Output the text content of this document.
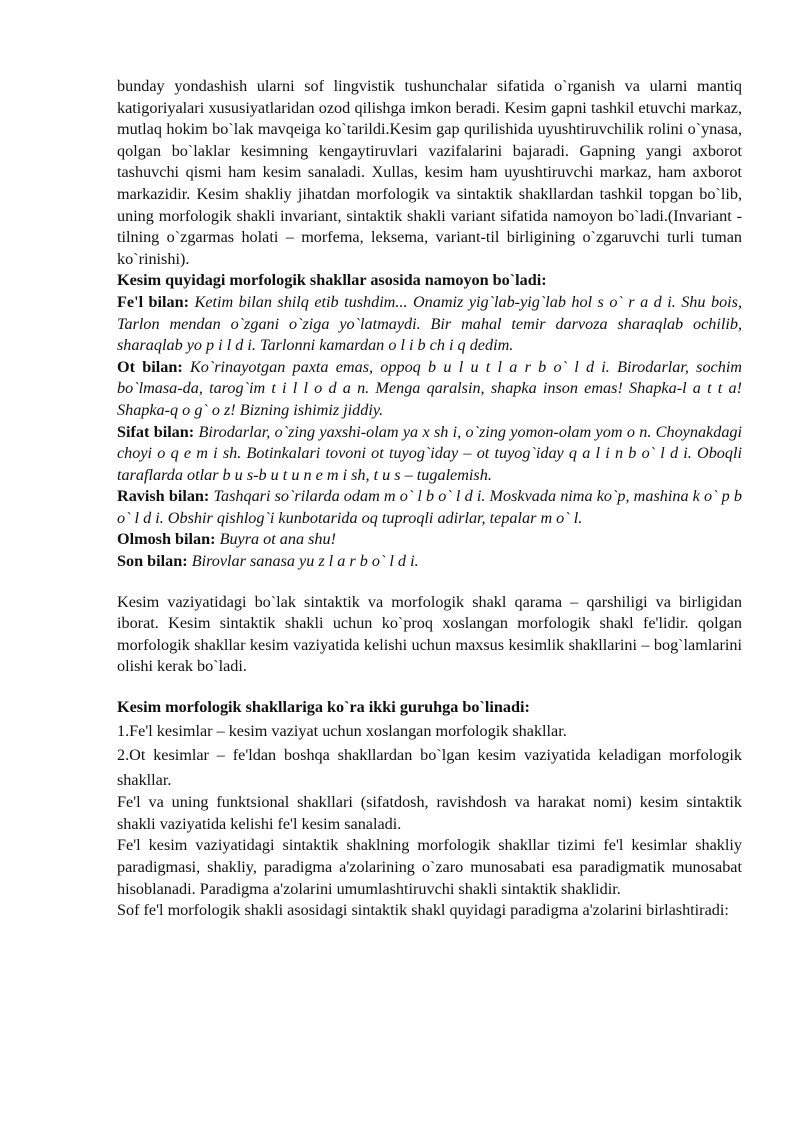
bunday yondashish ularni sof lingvistik tushunchalar sifatida o`rganish va ularni mantiq katigoriyalari xususiyatlaridan ozod qilishga imkon beradi. Kesim gapni tashkil etuvchi markaz, mutlaq hokim bo`lak mavqeiga ko`tarildi.Kesim gap qurilishida uyushtiruvchilik rolini o`ynasa, qolgan bo`laklar kesimning kengaytiruvlari vazifalarini bajaradi. Gapning yangi axborot tashuvchi qismi ham kesim sanaladi. Xullas, kesim ham uyushtiruvchi markaz, ham axborot markazidir. Kesim shakliy jihatdan morfologik va sintaktik shakllardan tashkil topgan bo`lib, uning morfologik shakli invariant, sintaktik shakli variant sifatida namoyon bo`ladi.(Invariant - tilning o`zgarmas holati – morfema, leksema, variant-til birligining o`zgaruvchi turli tuman ko`rinishi).

Kesim quyidagi morfologik shakllar asosida namoyon bo`ladi:

Fe'l bilan: Ketim bilan shilq etib tushdim... Onamiz yig`lab-yig`lab hol s o` r a d i. Shu bois, Tarlon mendan o`zgani o`ziga yo`latmaydi. Bir mahal temir darvoza sharaqlab ochilib, sharaqlab yo p i l d i. Tarlonni kamardan o l i b ch i q dedim.

Ot bilan: Ko`rinayotgan paxta emas, oppoq b u l u t l a r b o` l d i. Birodarlar, sochim bo`lmasa-da, tarog`im t i l l o d a n. Menga qaralsin, shapka inson emas! Shapka-l a t t a! Shapka-q o g` o z! Bizning ishimiz jiddiy.

Sifat bilan: Birodarlar, o`zing yaxshi-olam ya x sh i, o`zing yomon-olam yom o n. Choynakdagi choyi o q e m i sh. Botinkalari tovoni ot tuyog`iday – ot tuyog`iday q a l i n b o` l d i. Oboqli taraflarda otlar b u s-b u t u n e m i sh, t u s – tugalemish.

Ravish bilan: Tashqari so`rilarda odam m o` l b o` l d i. Moskvada nima ko`p, mashina k o` p b o` l d i. Obshir qishlog`i kunbotarida oq tuproqli adirlar, tepalar m o` l.

Olmosh bilan: Buyra ot ana shu!

Son bilan: Birovlar sanasa yu z l a r b o` l d i.

Kesim vaziyatidagi bo`lak sintaktik va morfologik shakl qarama – qarshiligi va birligidan iborat. Kesim sintaktik shakli uchun ko`proq xoslangan morfologik shakl fe'lidir. qolgan morfologik shakllar kesim vaziyatida kelishi uchun maxsus kesimlik shakllarini – bog`lamlarini olishi kerak bo`ladi.

Kesim morfologik shakllariga ko`ra ikki guruhga bo`linadi:

1.Fe'l kesimlar – kesim vaziyat uchun xoslangan morfologik shakllar.

2.Ot kesimlar – fe'ldan boshqa shakllardan bo`lgan kesim vaziyatida keladigan morfologik shakllar.

Fe'l va uning funktsional shakllari (sifatdosh, ravishdosh va harakat nomi) kesim sintaktik shakli vaziyatida kelishi fe'l kesim sanaladi.

Fe'l kesim vaziyatidagi sintaktik shaklning morfologik shakllar tizimi fe'l kesimlar shakliy paradigmasi, shakliy, paradigma a'zolarining o`zaro munosabati esa paradigmatik munosabat hisoblanadi. Paradigma a'zolarini umumlashtiruvchi shakli sintaktik shaklidir.

Sof fe'l morfologik shakli asosidagi sintaktik shakl quyidagi paradigma a'zolarini birlashtiradi:
